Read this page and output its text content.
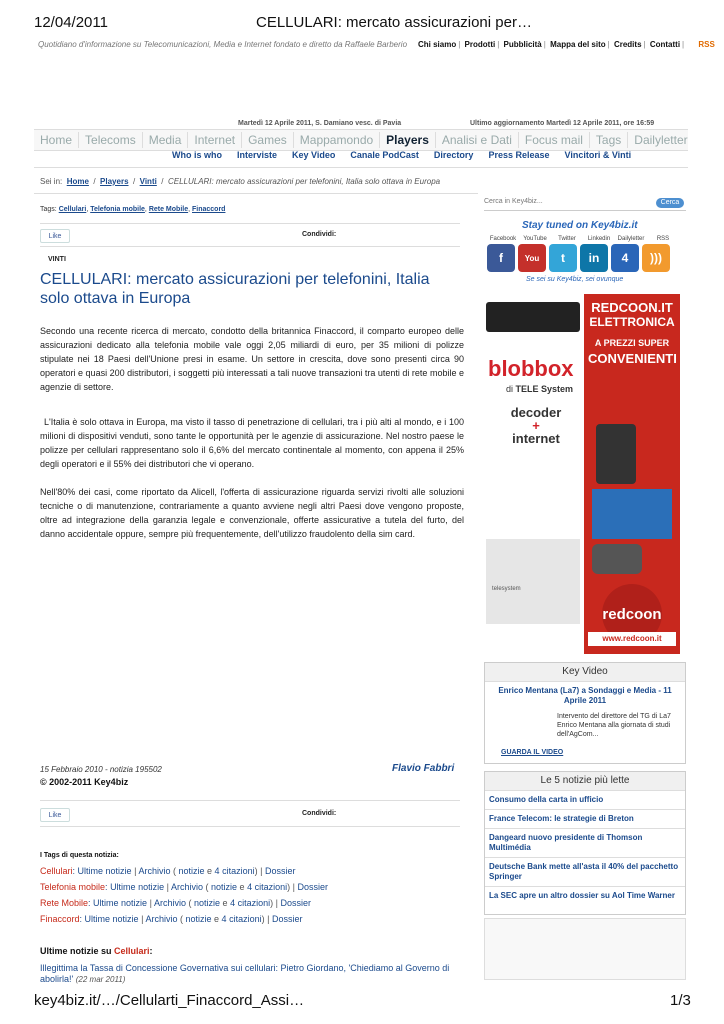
12/04/2011	CELLULARI: mercato assicurazioni per…
Quotidiano d'informazione su Telecomunicazioni, Media e Internet fondato e diretto da Raffaele Barberio Chi siamo | Prodotti | Pubblicità | Mappa del sito | Credits | Contatti | RSS
Martedì 12 Aprile 2011, S. Damiano vesc. di Pavia	Ultimo aggiornamento Martedì 12 Aprile 2011, ore 16:59
Home	Telecoms	Media	Internet	Games	Mappamondo	Players	Analisi e Dati	Focus mail	Tags	Dailyletter
Who is who Interviste Key Video Canale PodCast Directory Press Release Vincitori & Vinti
Sei in: Home  /  Players  /  Vinti  /  CELLULARI: mercato assicurazioni per telefonini, Italia solo ottava in Europa
Tags: Cellulari, Telefonia mobile, Rete Mobile, Finaccord
Like	Condividi:
VINTI
CELLULARI: mercato assicurazioni per telefonini, Italia solo ottava in Europa
Secondo una recente ricerca di mercato, condotto della britannica Finaccord, il comparto europeo delle assicurazioni dedicato alla telefonia mobile vale oggi 2,05 miliardi di euro, per 35 milioni di polizze stipulate nei 18 Paesi dell'Unione presi in esame. Un settore in crescita, dove sono presenti circa 90 operatori e quasi 200 distributori, i soggetti più interessati a tali nuove transazioni tra utenti di rete mobile e agenzie di settore.
L'Italia è solo ottava in Europa, ma visto il tasso di penetrazione di cellulari, tra i più alti al mondo, e i 100 milioni di dispositivi venduti, sono tante le opportunità per le agenzie di assicurazione. Nel nostro paese le polizze per cellulari rappresentano solo il 6,6% del mercato continentale al momento, con appena il 25% degli operatori e il 55% dei distributori che vi operano.
Nell'80% dei casi, come riportato da Alicell, l'offerta di assicurazione riguarda servizi rivolti alle soluzioni tecniche o di manutenzione, contrariamente a quanto avviene negli altri Paesi dove vengono proposte, oltre ad integrazione della garanzia legale e convenzionale, offerte assicurative a tutela del furto, del danno accidentale oppure, sempre più frequentemente, dell'utilizzo fraudolento della sim card.
15 Febbraio 2010 - notizia 195502	Flavio Fabbri
© 2002-2011 Key4biz
Like	Condividi:
I Tags di questa notizia:
Cellulari: Ultime notizie | Archivio ( notizie e 4 citazioni) | Dossier
Telefonia mobile: Ultime notizie | Archivio ( notizie e 4 citazioni) | Dossier
Rete Mobile: Ultime notizie | Archivio ( notizie e 4 citazioni) | Dossier
Finaccord: Ultime notizie | Archivio ( notizie e 4 citazioni) | Dossier
Ultime notizie su Cellulari:
Illegittima la Tassa di Concessione Governativa sui cellulari: Pietro Giordano, 'Chiediamo al Governo di abolirla!' (22 mar 2011)
Cerca in Key4biz...	Cerca
Stay tuned on Key4biz.it
Facebook	YouTube	Twitter	Linkedin	Dailyletter	RSS
f	You	t	in	4	)))
Se sei su Key4biz, sei ovunque
REDCOON.IT
ELETTRONICA
A PREZZI SUPER
CONVENIENTI
blobbox
di TELE System
decoder
+
internet
telesystem
redcoon
www.redcoon.it
Key Video
Enrico Mentana (La7) a Sondaggi e Media - 11 Aprile 2011
Intervento del direttore del TG di La7 Enrico Mentana alla giornata di studi dell'AgCom...
GUARDA IL VIDEO
Le 5 notizie più lette
Consumo della carta in ufficio
France Telecom: le strategie di Breton
Dangeard nuovo presidente di Thomson Multimédia
Deutsche Bank mette all'asta il 40% del pacchetto Springer
La SEC apre un altro dossier su Aol Time Warner
key4biz.it/…/Cellularti_Finaccord_Assi…	1/3
